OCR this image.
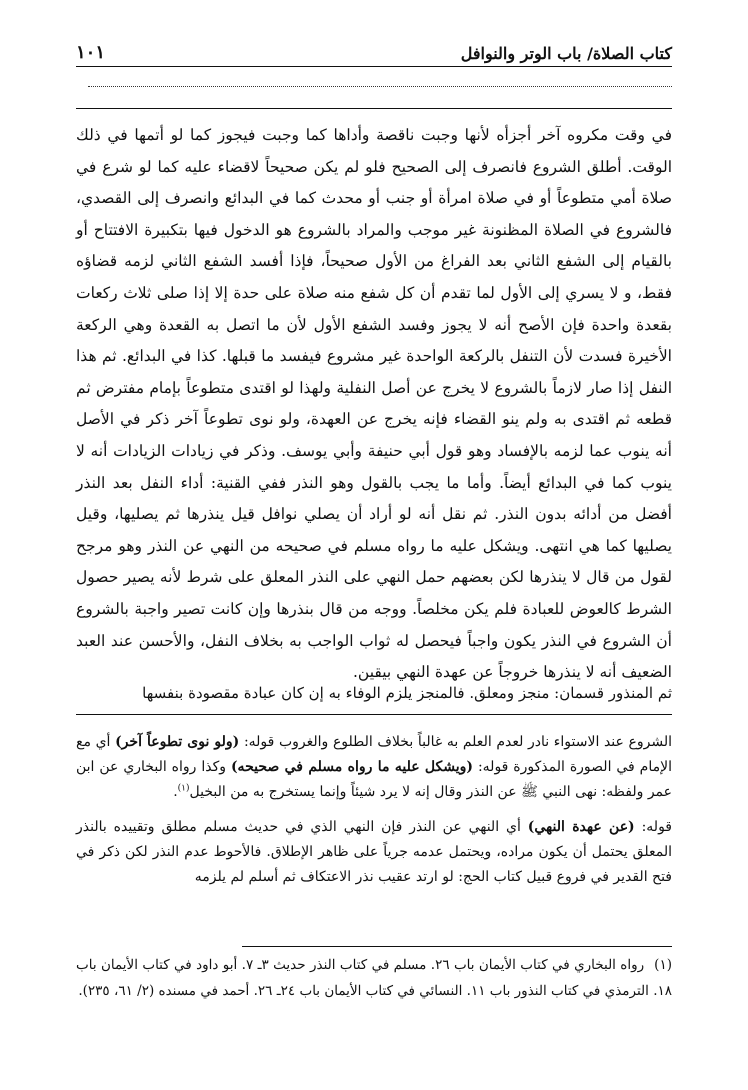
كتاب الصلاة/ باب الوتر والنوافل
١٠١

في وقت مكروه آخر أجزأه لأنها وجبت ناقصة وأداها كما وجبت فيجوز كما لو أتمها في ذلك الوقت. أطلق الشروع فانصرف إلى الصحيح فلو لم يكن صحيحاً لاقضاء عليه كما لو شرع في صلاة أمي متطوعاً أو في صلاة امرأة أو جنب أو محدث كما في البدائع وانصرف إلى القصدي، فالشروع في الصلاة المظنونة غير موجب والمراد بالشروع هو الدخول فيها بتكبيرة الافتتاح أو بالقيام إلى الشفع الثاني بعد الفراغ من الأول صحيحاً، فإذا أفسد الشفع الثاني لزمه قضاؤه فقط، و لا يسري إلى الأول لما تقدم أن كل شفع منه صلاة على حدة إلا إذا صلى ثلاث ركعات بقعدة واحدة فإن الأصح أنه لا يجوز وفسد الشفع الأول لأن ما اتصل به القعدة وهي الركعة الأخيرة فسدت لأن التنفل بالركعة الواحدة غير مشروع فيفسد ما قبلها. كذا في البدائع. ثم هذا النفل إذا صار لازماً بالشروع لا يخرج عن أصل النفلية ولهذا لو اقتدى متطوعاً بإمام مفترض ثم قطعه ثم اقتدى به ولم ينو القضاء فإنه يخرج عن العهدة، ولو نوى تطوعاً آخر ذكر في الأصل أنه ينوب عما لزمه بالإفساد وهو قول أبي حنيفة وأبي يوسف. وذكر في زيادات الزيادات أنه لا ينوب كما في البدائع أيضاً. وأما ما يجب بالقول وهو النذر ففي القنية: أداء النفل بعد النذر أفضل من أدائه بدون النذر. ثم نقل أنه لو أراد أن يصلي نوافل قيل ينذرها ثم يصليها، وقيل يصليها كما هي انتهى. ويشكل عليه ما رواه مسلم في صحيحه من النهي عن النذر وهو مرجح لقول من قال لا ينذرها لكن بعضهم حمل النهي على النذر المعلق على شرط لأنه يصير حصول الشرط كالعوض للعبادة فلم يكن مخلصاً. ووجه من قال بنذرها وإن كانت تصير واجبة بالشروع أن الشروع في النذر يكون واجباً فيحصل له ثواب الواجب به بخلاف النفل، والأحسن عند العبد الضعيف أنه لا ينذرها خروجاً عن عهدة النهي بيقين.

ثم المنذور قسمان: منجز ومعلق. فالمنجز يلزم الوفاء به إن كان عبادة مقصودة بنفسها

الشروع عند الاستواء نادر لعدم العلم به غالباً بخلاف الطلوع والغروب قوله: (ولو نوى تطوعاً آخر) أي مع الإمام في الصورة المذكورة قوله: (ويشكل عليه ما رواه مسلم في صحيحه) وكذا رواه البخاري عن ابن عمر ولفظه: نهى النبي ﷺ عن النذر وقال إنه لا يرد شيئاً وإنما يستخرج به من البخيل$^{(١)}$.

قوله: (عن عهدة النهي) أي النهي عن النذر فإن النهي الذي في حديث مسلم مطلق وتقييده بالنذر المعلق يحتمل أن يكون مراده، ويحتمل عدمه جرياً على ظاهر الإطلاق. فالأحوط عدم النذر لكن ذكر في فتح القدير في فروع قبيل كتاب الحج: لو ارتد عقيب نذر الاعتكاف ثم أسلم لم يلزمه

(١)رواه البخاري في كتاب الأيمان باب ٢٦. مسلم في كتاب النذر حديث ٣ـ ٧. أبو داود في كتاب الأيمان باب ١٨. الترمذي في كتاب النذور باب ١١. النسائي في كتاب الأيمان باب ٢٤ـ ٢٦. أحمد في مسنده (٢/ ٦١، ٢٣٥).
